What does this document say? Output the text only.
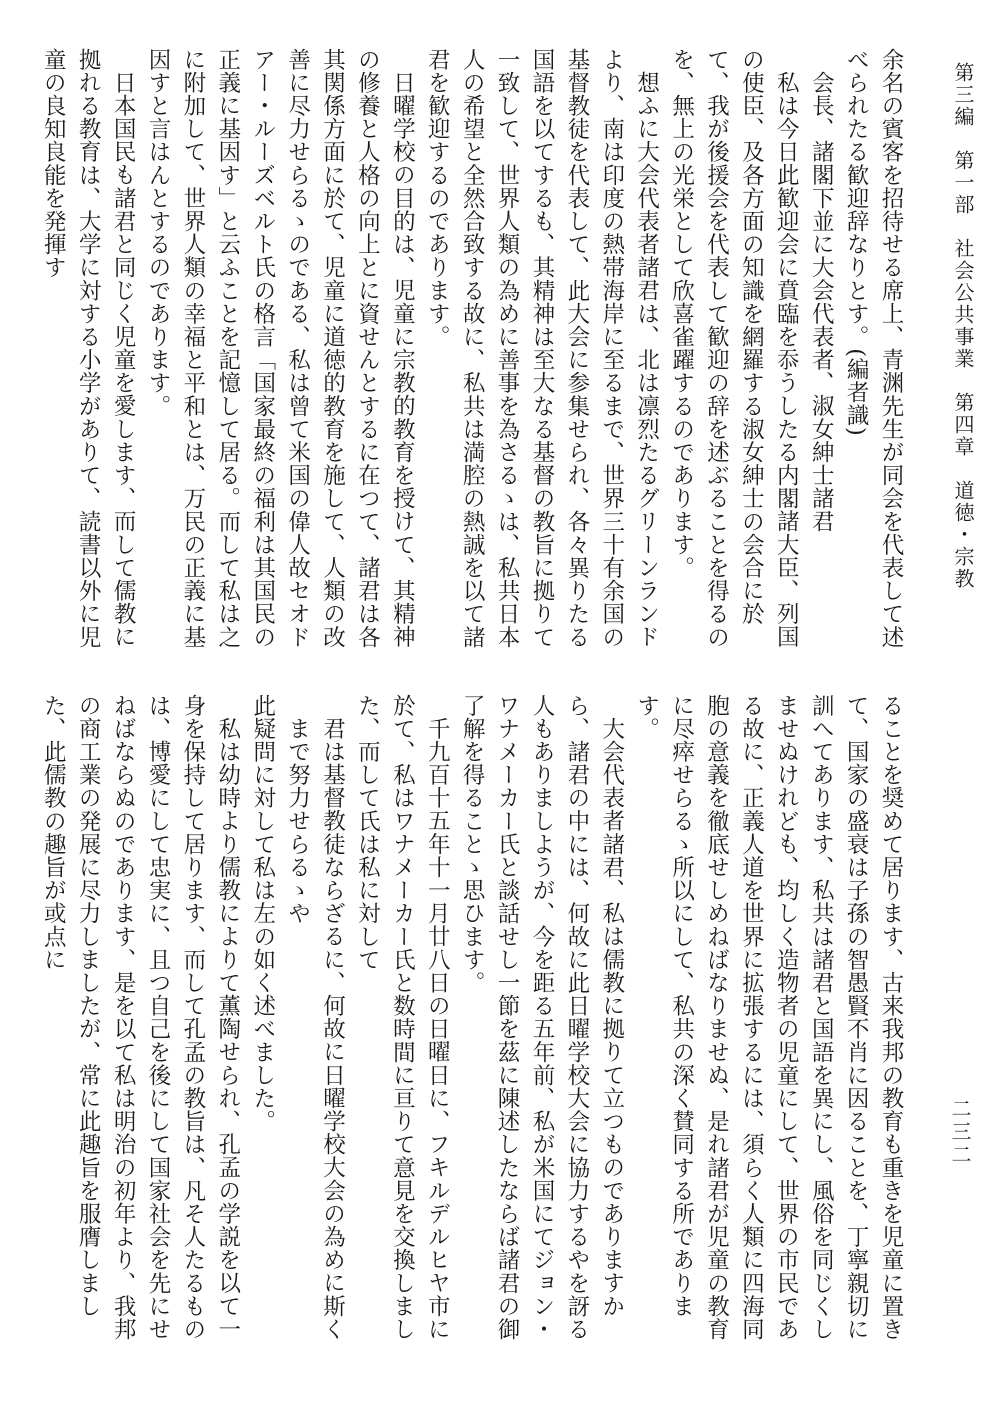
第三編　第一部　社会公共事業　第四章　道徳・宗教
二三二

余名の賓客を招待せる席上、青渊先生が同会を代表して述べられたる歓迎辞なりとす。(編者識)

会長、諸閣下並に大会代表者、淑女紳士諸君

私は今日此歓迎会に賁臨を忝うしたる内閣諸大臣、列国の使臣、及各方面の知識を網羅する淑女紳士の会合に於て、我が後援会を代表して歓迎の辞を述ぶることを得るのを、無上の光栄として欣喜雀躍するのであります。

想ふに大会代表者諸君は、北は凛烈たるグリーンランドより、南は印度の熱帯海岸に至るまで、世界三十有余国の基督教徒を代表して、此大会に参集せられ、各々異りたる国語を以てするも、其精神は至大なる基督の教旨に拠りて一致して、世界人類の為めに善事を為さるゝは、私共日本人の希望と全然合致する故に、私共は満腔の熱誠を以て諸君を歓迎するのであります。

日曜学校の目的は、児童に宗教的教育を授けて、其精神の修養と人格の向上とに資せんとするに在つて、諸君は各其関係方面に於て、児童に道徳的教育を施して、人類の改善に尽力せらるゝのである、私は曾て米国の偉人故セオドアー・ルーズベルト氏の格言「国家最終の福利は其国民の正義に基因す」と云ふことを記憶して居る。而して私は之に附加して、世界人類の幸福と平和とは、万民の正義に基因すと言はんとするのであります。

日本国民も諸君と同じく児童を愛します、而して儒教に拠れる教育は、大学に対する小学がありて、読書以外に児童の良知良能を発揮す

ることを奨めて居ります、古来我邦の教育も重きを児童に置きて、国家の盛衰は子孫の智愚賢不肖に因ることを、丁寧親切に訓へてあります、私共は諸君と国語を異にし、風俗を同じくしませぬけれども、均しく造物者の児童にして、世界の市民である故に、正義人道を世界に拡張するには、須らく人類に四海同胞の意義を徹底せしめねばなりませぬ、是れ諸君が児童の教育に尽瘁せらるゝ所以にして、私共の深く賛同する所であります。

大会代表者諸君、私は儒教に拠りて立つものでありますから、諸君の中には、何故に此日曜学校大会に協力するやを訝る人もありましようが、今を距る五年前、私が米国にてジョン・ワナメーカー氏と談話せし一節を茲に陳述したならば諸君の御了解を得ることゝ思ひます。

千九百十五年十一月廿八日の日曜日に、フキルデルヒヤ市に於て、私はワナメーカー氏と数時間に亘りて意見を交換しました、而して氏は私に対して

君は基督教徒ならざるに、何故に日曜学校大会の為めに斯くまで努力せらるゝや

此疑問に対して私は左の如く述べました。

私は幼時より儒教によりて薫陶せられ、孔孟の学説を以て一身を保持して居ります、而して孔孟の教旨は、凡そ人たるものは、博愛にして忠実に、且つ自己を後にして国家社会を先にせねばならぬのであります、是を以て私は明治の初年より、我邦の商工業の発展に尽力しましたが、常に此趣旨を服膺しました、此儒教の趣旨が或点に
